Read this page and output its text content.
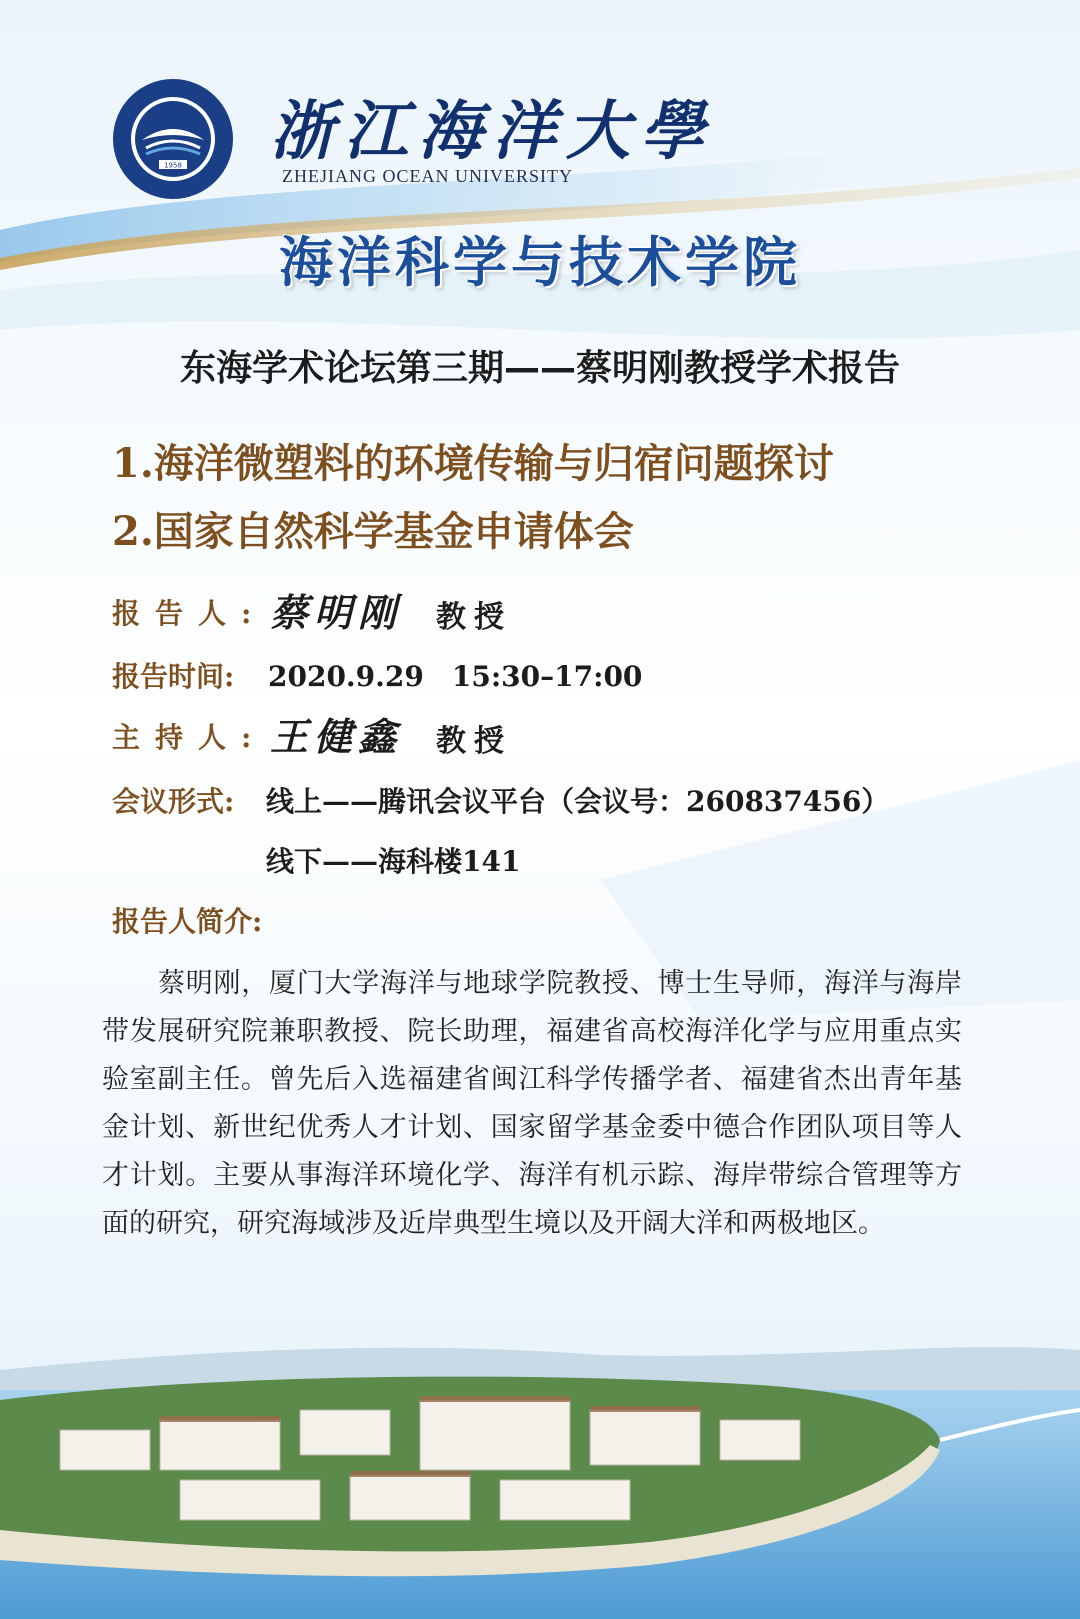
1958 浙江海洋大學
ZHEJIANG OCEAN UNIVERSITY
海洋科学与技术学院
东海学术论坛第三期——蔡明刚教授学术报告
1.海洋微塑料的环境传输与归宿问题探讨
2.国家自然科学基金申请体会
报告人: 蔡明刚 教授
报告时间: 2020.9.29　15:30–17:00
主持人: 王健鑫 教授
会议形式: 线上——腾讯会议平台（会议号：260837456）
线下——海科楼141
报告人简介:
蔡明刚，厦门大学海洋与地球学院教授、博士生导师，海洋与海岸带发展研究院兼职教授、院长助理，福建省高校海洋化学与应用重点实验室副主任。曾先后入选福建省闽江科学传播学者、福建省杰出青年基金计划、新世纪优秀人才计划、国家留学基金委中德合作团队项目等人才计划。主要从事海洋环境化学、海洋有机示踪、海岸带综合管理等方面的研究，研究海域涉及近岸典型生境以及开阔大洋和两极地区。
